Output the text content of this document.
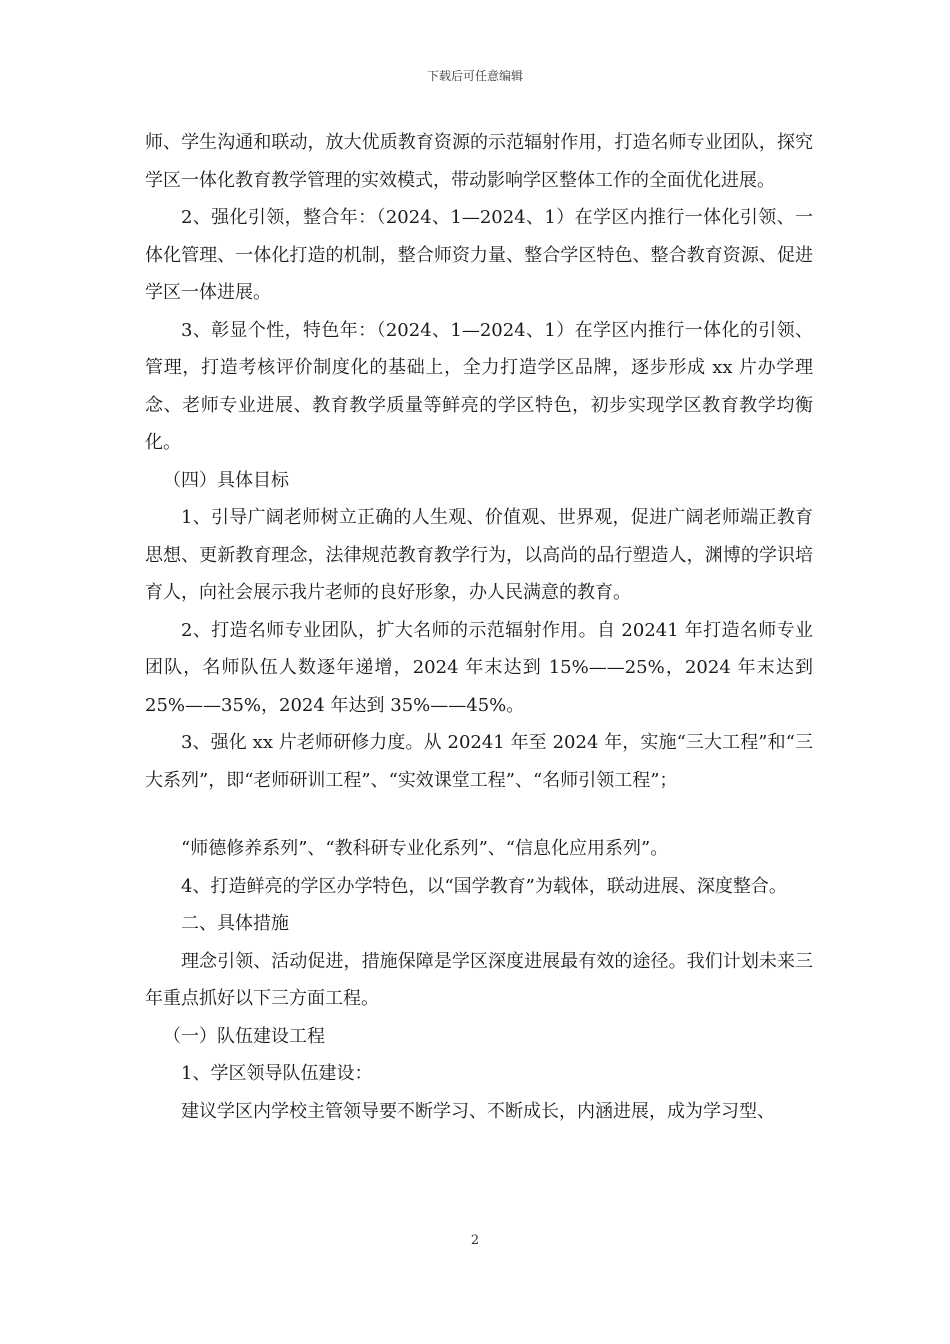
下载后可任意编辑

师、学生沟通和联动，放大优质教育资源的示范辐射作用，打造名师专业团队，探究学区一体化教育教学管理的实效模式，带动影响学区整体工作的全面优化进展。

2、强化引领，整合年：（2024、1—2024、1）在学区内推行一体化引领、一体化管理、一体化打造的机制，整合师资力量、整合学区特色、整合教育资源、促进学区一体进展。

3、彰显个性，特色年：（2024、1—2024、1）在学区内推行一体化的引领、管理，打造考核评价制度化的基础上，全力打造学区品牌，逐步形成 xx 片办学理念、老师专业进展、教育教学质量等鲜亮的学区特色，初步实现学区教育教学均衡化。

（四）具体目标

1、引导广阔老师树立正确的人生观、价值观、世界观，促进广阔老师端正教育思想、更新教育理念，法律规范教育教学行为，以高尚的品行塑造人，渊博的学识培育人，向社会展示我片老师的良好形象，办人民满意的教育。

2、打造名师专业团队，扩大名师的示范辐射作用。自 20241 年打造名师专业团队，名师队伍人数逐年递增，2024 年末达到 15%——25%，2024 年末达到 25%——35%，2024 年达到 35%——45%。

3、强化 xx 片老师研修力度。从 20241 年至 2024 年，实施“三大工程”和“三大系列”，即“老师研训工程”、“实效课堂工程”、“名师引领工程”；

“师德修养系列”、“教科研专业化系列”、“信息化应用系列”。

4、打造鲜亮的学区办学特色，以“国学教育”为载体，联动进展、深度整合。

二、具体措施

理念引领、活动促进，措施保障是学区深度进展最有效的途径。我们计划未来三年重点抓好以下三方面工程。

（一）队伍建设工程

1、学区领导队伍建设：

建议学区内学校主管领导要不断学习、不断成长，内涵进展，成为学习型、

2
